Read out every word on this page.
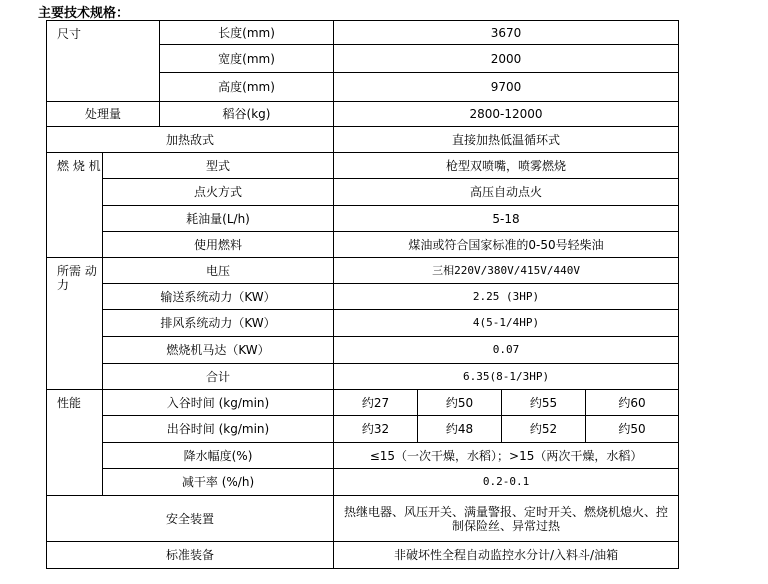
主要技术规格：
尺寸		长度(mm)	3670			
		宽度(mm)	2000			
		高度(mm)	9700			
处理量		稻谷(kg)	2800-12000			
加热敌式			直接加热低温循环式			
燃 烧 机	型式		枪型双喷嘴，喷雾燃烧			
	点火方式		高压自动点火			
	耗油量(L/h)		5-18			
	使用燃料		煤油或符合国家标准的0-50号轻柴油			
所需 动力	电压		三相220V/380V/415V/440V			
	输送系统动力（KW）		2.25 (3HP)			
	排风系统动力（KW）		4(5-1/4HP)			
	燃烧机马达（KW）		0.07			
	合计		6.35(8-1/3HP)			
性能	入谷时间 (kg/min)		约27	约50	约55	约60
	出谷时间 (kg/min)		约32	约48	约52	约50
	降水幅度(%)		≤15（一次干燥，水稻）；>15（两次干燥，水稻）			
	减干率 (%/h)		0.2-0.1			
安全装置			热继电器、风压开关、满量警报、定时开关、燃烧机熄火、控制保险丝、异常过热			
标准装备			非破坏性全程自动监控水分计/入料斗/油箱			
